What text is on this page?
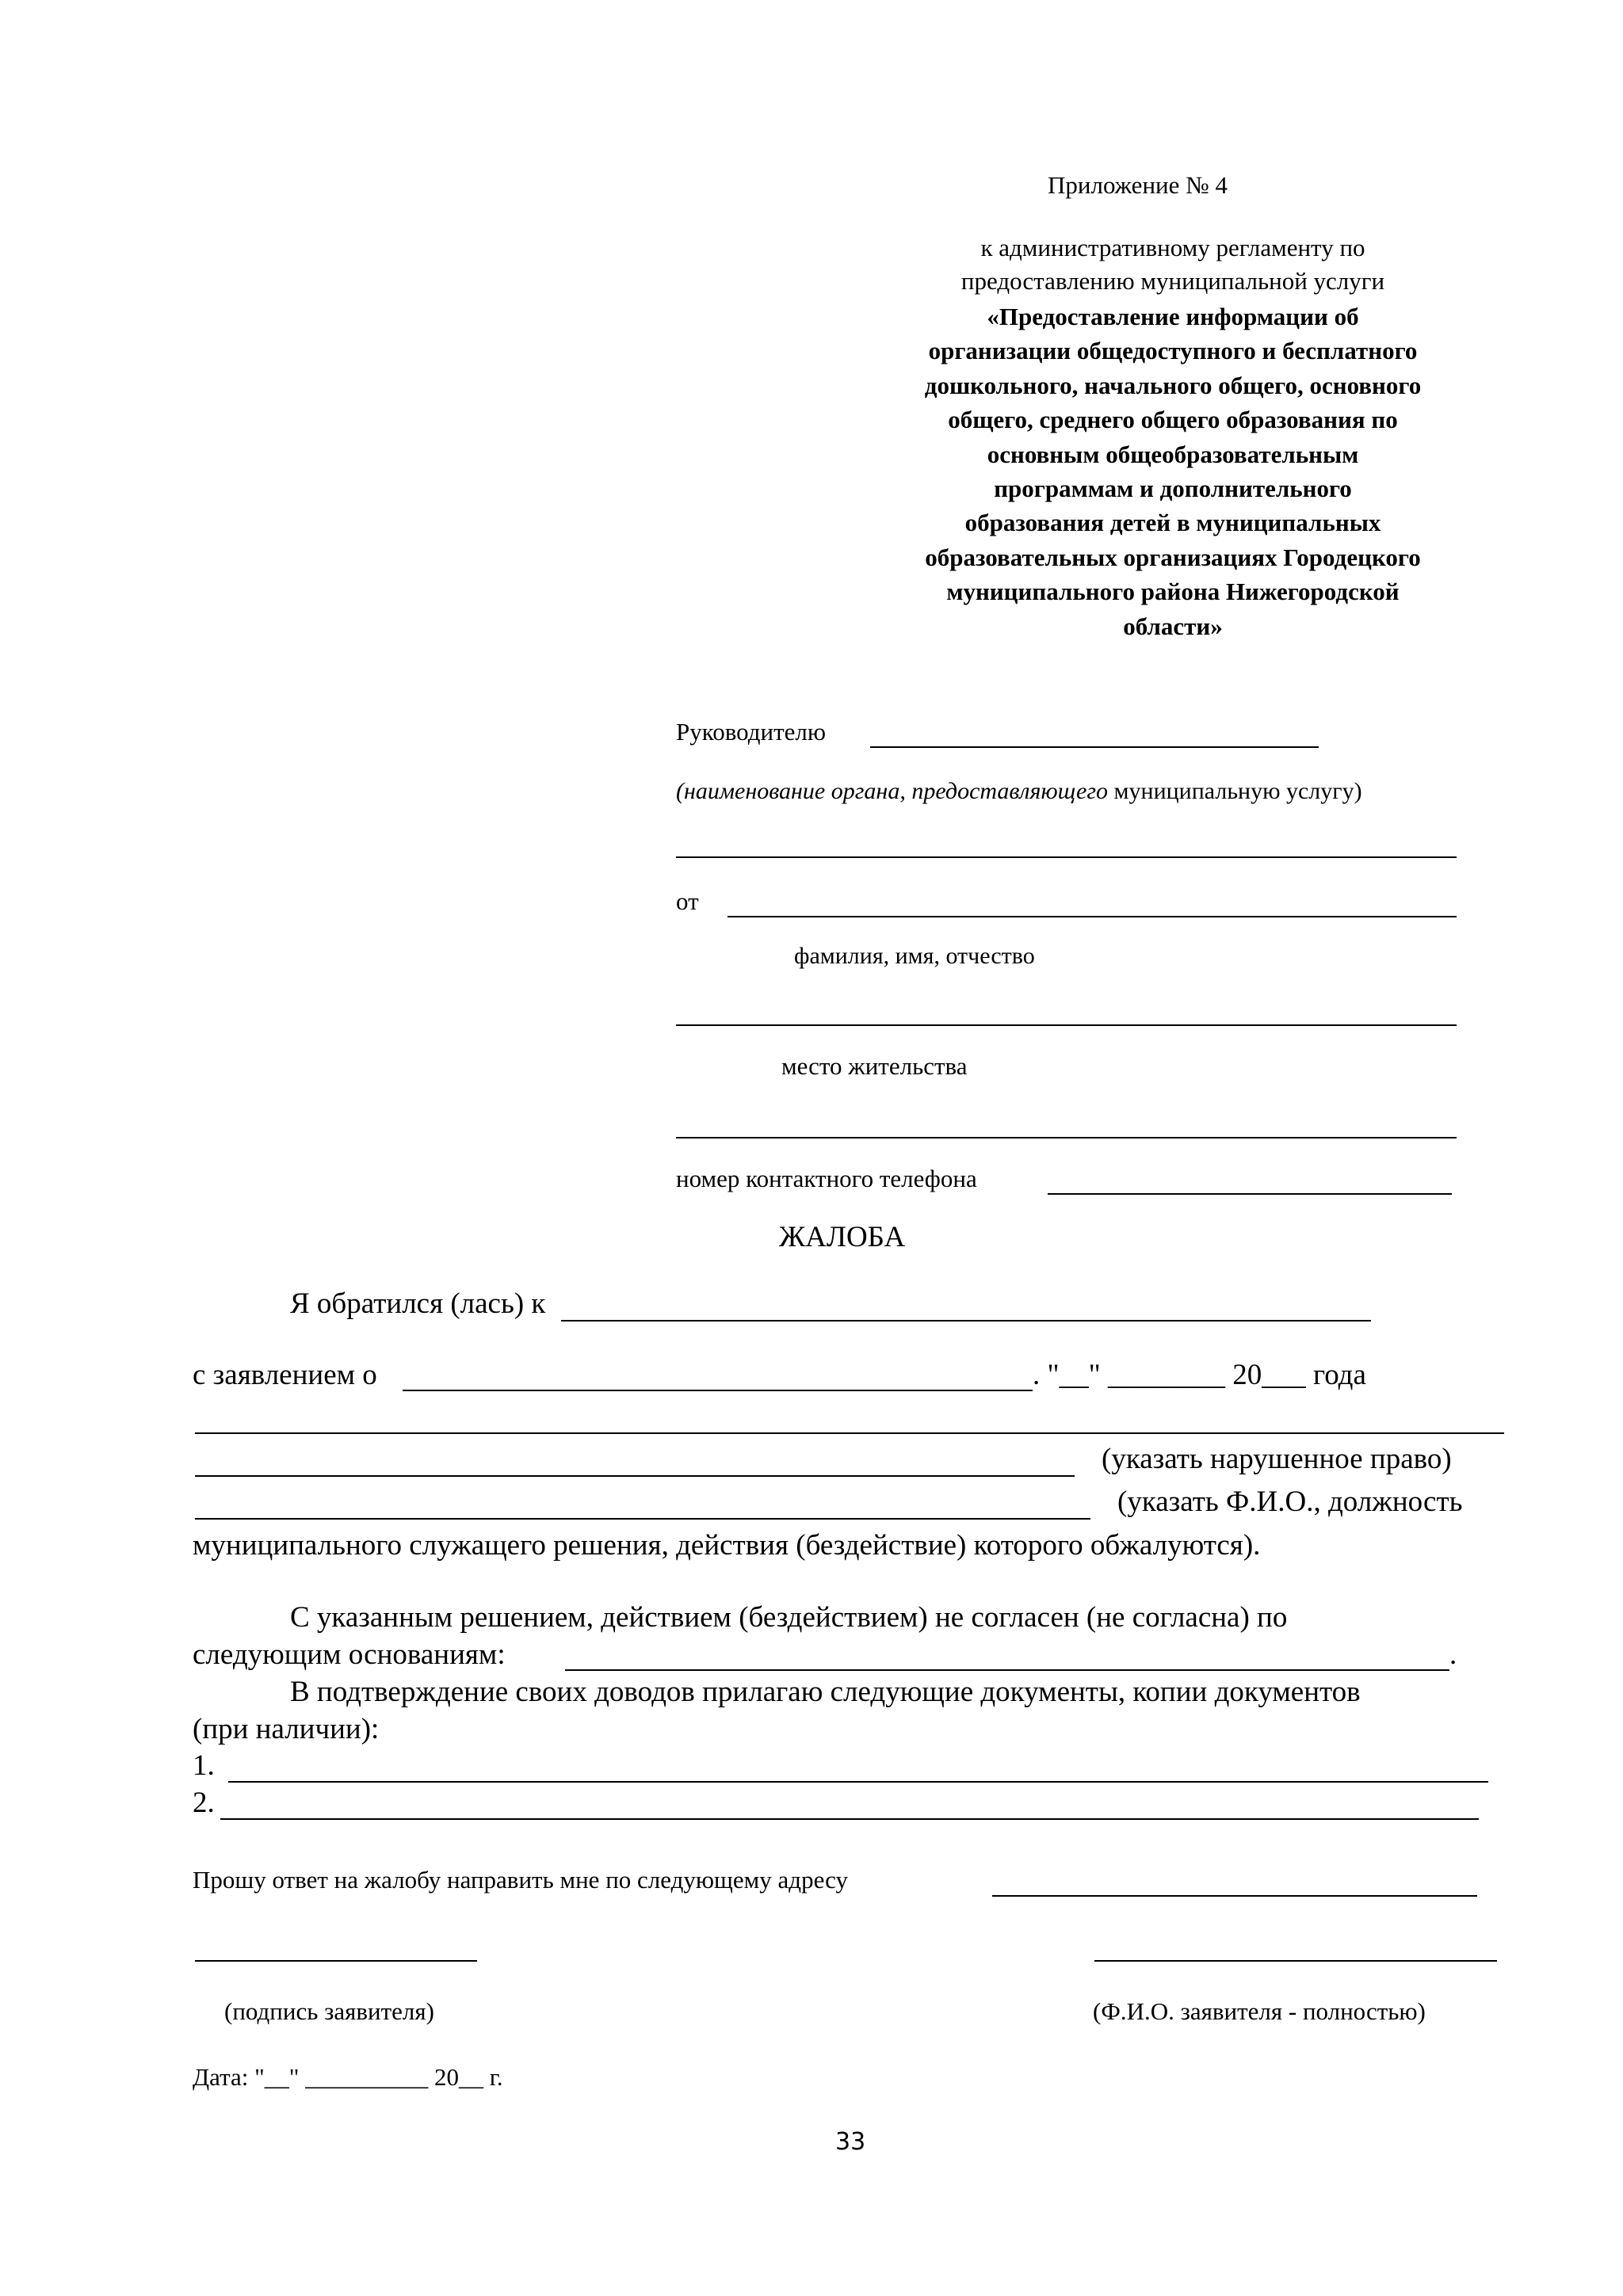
Приложение № 4
к административному регламенту по
предоставлению муниципальной услуги
«Предоставление информации об
организации общедоступного и бесплатного
дошкольного, начального общего, основного
общего, среднего общего образования по
основным общеобразовательным
программам и дополнительного
образования детей в муниципальных
образовательных организациях Городецкого
муниципального района Нижегородской
области»
Руководителю
(наименование органа, предоставляющего муниципальную услугу)
от
фамилия, имя, отчество
место жительства
номер контактного телефона
ЖАЛОБА
Я обратился (лась) к
с заявлением о	. "__" ________ 20___ года
(указать нарушенное право)
(указать Ф.И.О., должность
муниципального служащего решения, действия (бездействие) которого обжалуются).
С указанным решением, действием (бездействием) не согласен (не согласна) по
следующим основаниям:	.
В подтверждение своих доводов прилагаю следующие документы, копии документов
(при наличии):
1.
2.
Прошу ответ на жалобу направить мне по следующему адресу
(подпись заявителя)	(Ф.И.О. заявителя - полностью)
Дата: "__" __________ 20__ г.
33
